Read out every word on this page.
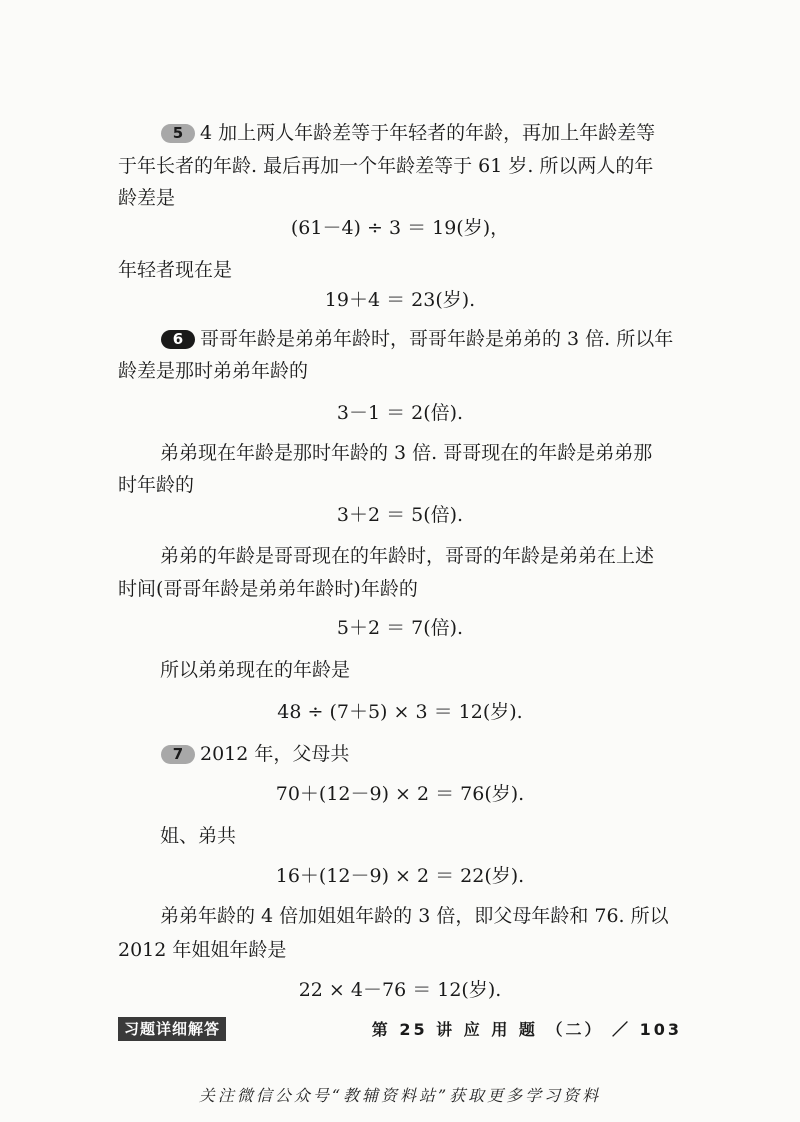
5 4 加上两人年龄差等于年轻者的年龄，再加上年龄差等
于年长者的年龄. 最后再加一个年龄差等于 61 岁. 所以两人的年
龄差是
(61－4) ÷ 3 ＝ 19(岁)，
年轻者现在是
19＋4 ＝ 23(岁).
6 哥哥年龄是弟弟年龄时，哥哥年龄是弟弟的 3 倍. 所以年
龄差是那时弟弟年龄的
3－1 ＝ 2(倍).
弟弟现在年龄是那时年龄的 3 倍. 哥哥现在的年龄是弟弟那
时年龄的
3＋2 ＝ 5(倍).
弟弟的年龄是哥哥现在的年龄时，哥哥的年龄是弟弟在上述
时间(哥哥年龄是弟弟年龄时)年龄的
5＋2 ＝ 7(倍).
所以弟弟现在的年龄是
48 ÷ (7＋5) × 3 ＝ 12(岁).
7 2012 年，父母共
70＋(12－9) × 2 ＝ 76(岁).
姐、弟共
16＋(12－9) × 2 ＝ 22(岁).
弟弟年龄的 4 倍加姐姐年龄的 3 倍，即父母年龄和 76. 所以
2012 年姐姐年龄是
22 × 4－76 ＝ 12(岁).
习题详细解答	第 25 讲 应 用 题 （二） ／ 103
关注微信公众号“教辅资料站”获取更多学习资料
